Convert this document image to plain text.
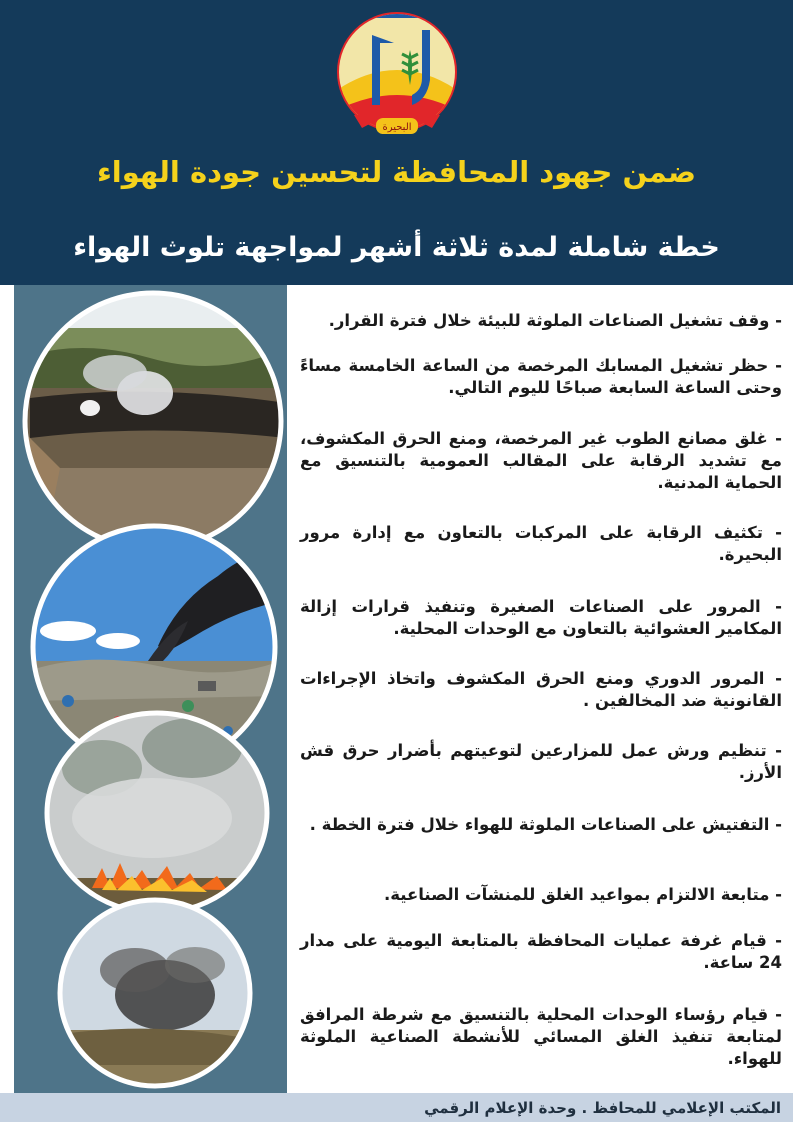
البحيرة
ضمن جهود المحافظة لتحسين جودة الهواء
خطة شاملة لمدة ثلاثة أشهر لمواجهة تلوث الهواء
- وقف تشغيل الصناعات الملوثة للبيئة خلال فترة القرار.
- حظر تشغيل المسابك المرخصة من الساعة الخامسة مساءً وحتى الساعة السابعة صباحًا لليوم التالي.
- غلق مصانع الطوب غير المرخصة، ومنع الحرق المكشوف، مع تشديد الرقابة على المقالب العمومية بالتنسيق مع الحماية المدنية.
- تكثيف الرقابة على المركبات بالتعاون مع إدارة مرور البحيرة.
- المرور على الصناعات الصغيرة وتنفيذ قرارات إزالة المكامير العشوائية بالتعاون مع الوحدات المحلية.
- المرور الدوري ومنع الحرق المكشوف واتخاذ الإجراءات القانونية ضد المخالفين .
- تنظيم ورش عمل للمزارعين لتوعيتهم بأضرار حرق قش الأرز.
- التفتيش على الصناعات الملوثة للهواء خلال فترة الخطة .
- متابعة الالتزام بمواعيد الغلق للمنشآت الصناعية.
- قيام غرفة عمليات المحافظة بالمتابعة اليومية على مدار 24 ساعة.
- قيام رؤساء الوحدات المحلية بالتنسيق مع شرطة المرافق لمتابعة تنفيذ الغلق المسائي للأنشطة الصناعية الملوثة للهواء.
المكتب الإعلامي للمحافظ . وحدة الإعلام الرقمي
